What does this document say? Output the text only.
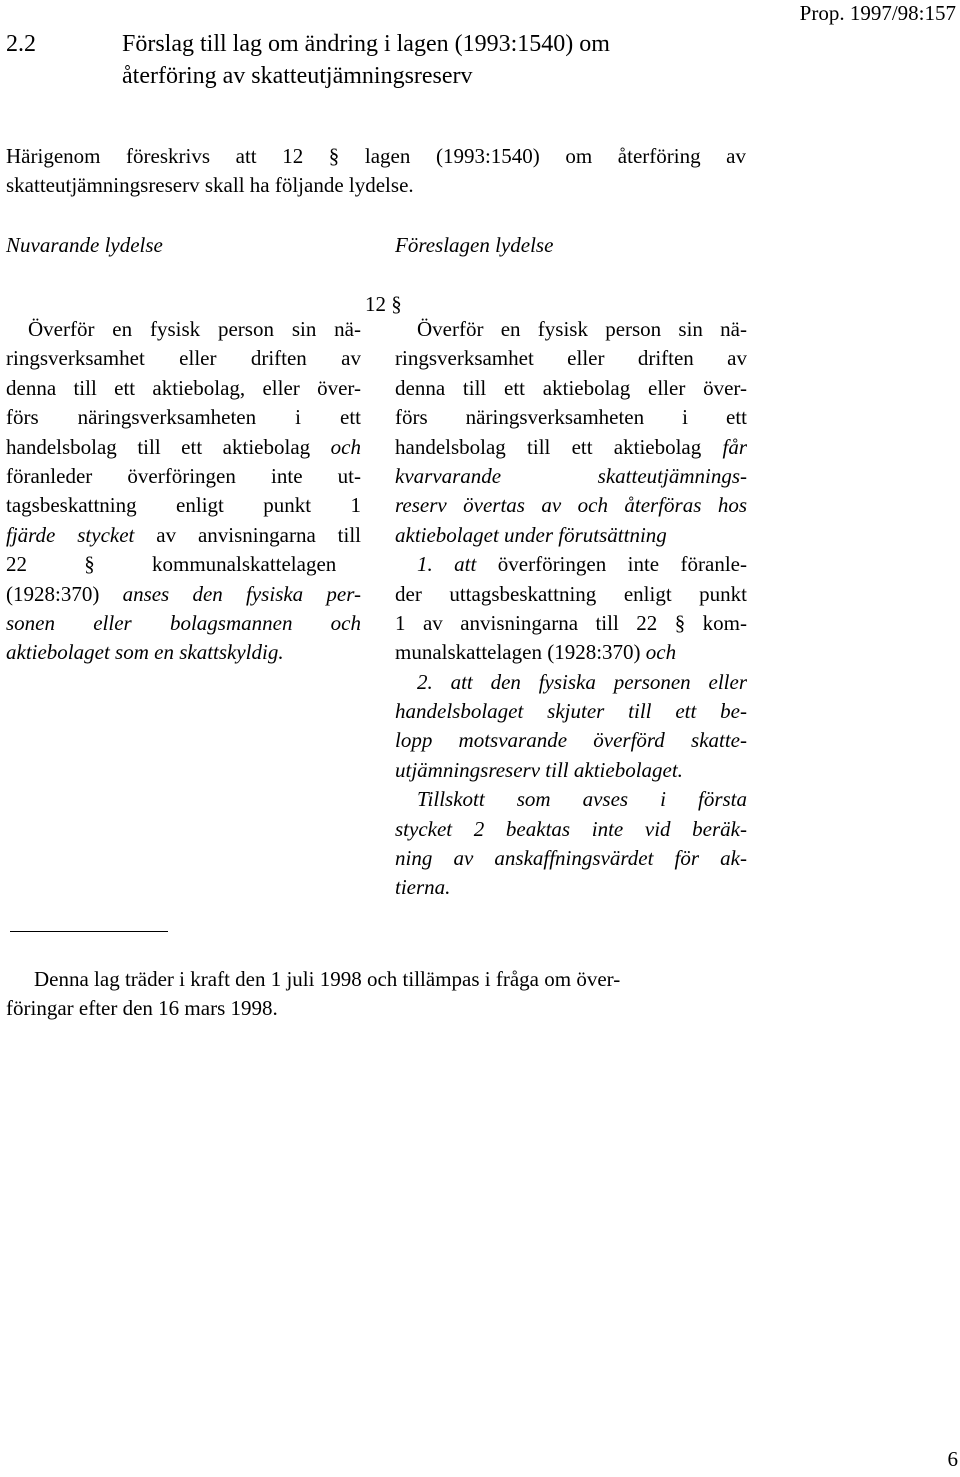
2.2	Förslag till lag om ändring i lagen (1993:1540) om
återföring av skatteutjämningsreserv
Prop. 1997/98:157
Härigenom föreskrivs att 12 § lagen (1993:1540) om återföring av skatteutjämningsreserv skall ha följande lydelse.
Nuvarande lydelse	Föreslagen lydelse
12 §
Överför en fysisk person sin nä-
ringsverksamhet eller driften av
denna till ett aktiebolag, eller över-
förs näringsverksamheten i ett
handelsbolag till ett aktiebolag och
föranleder överföringen inte ut-
tagsbeskattning enligt punkt 1
fjärde stycket av anvisningarna till
22 § kommunalskattelagen
(1928:370) anses den fysiska per-
sonen eller bolagsmannen och
aktiebolaget som en skattskyldig.
Överför en fysisk person sin nä-
ringsverksamhet eller driften av
denna till ett aktiebolag eller över-
förs näringsverksamheten i ett
handelsbolag till ett aktiebolag får
kvarvarande skatteutjämnings-
reserv övertas av och återföras hos
aktiebolaget under förutsättning
1. att överföringen inte föranle-
der uttagsbeskattning enligt punkt
1 av anvisningarna till 22 § kom-
munalskattelagen (1928:370) och
2. att den fysiska personen eller
handelsbolaget skjuter till ett be-
lopp motsvarande överförd skatte-
utjämningsreserv till aktiebolaget.
Tillskott som avses i första
stycket 2 beaktas inte vid beräk-
ning av anskaffningsvärdet för ak-
tierna.
Denna lag träder i kraft den 1 juli 1998 och tillämpas i fråga om över-
föringar efter den 16 mars 1998.
6
